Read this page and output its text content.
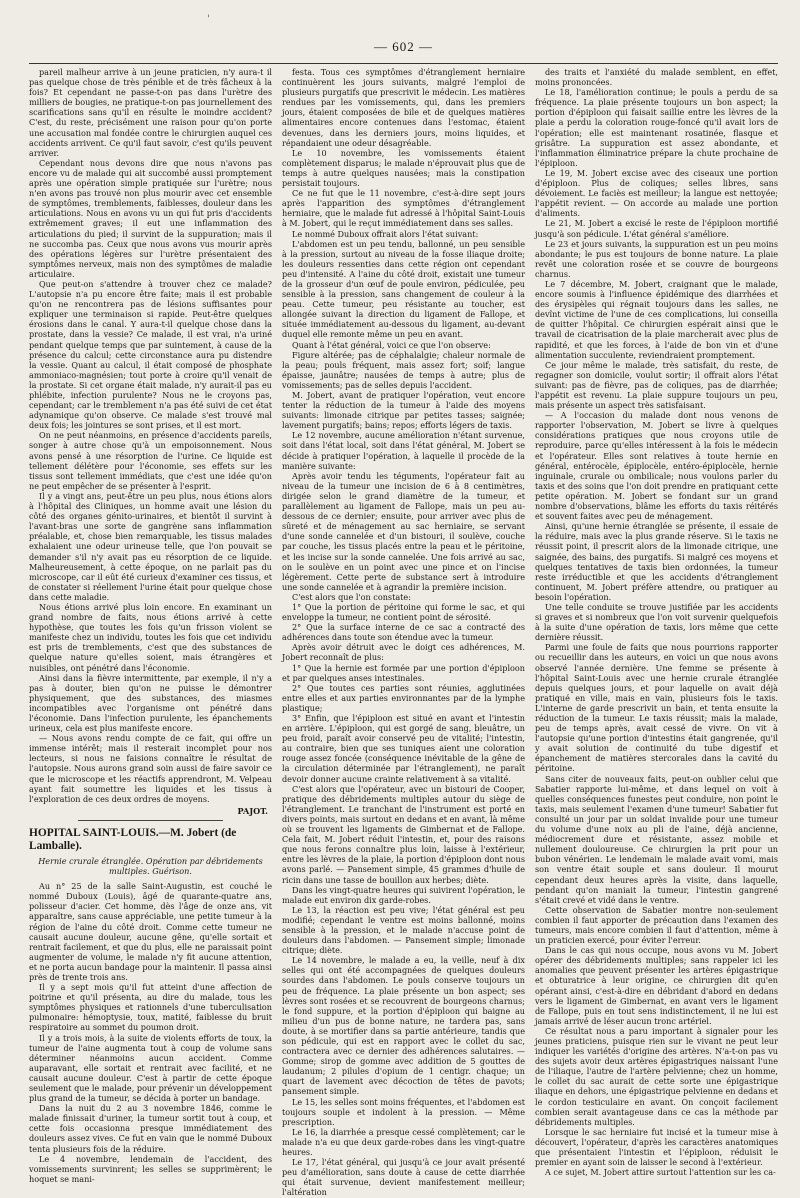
'
— 602 —

pareil malheur arrive à un jeune praticien, n'y aura-t il pas quelque chose de très pénible et de très fâcheux à la fois? Et cependant ne passe-t-on pas dans l'urètre des milliers de bougies, ne pratique-t-on pas journellement des scarifications sans qu'il en résulte le moindre accident? C'est, du reste, précisément une raison pour qu'on porte une accusation mal fondée contre le chirurgien auquel ces accidents arrivent. Ce qu'il faut savoir, c'est qu'ils peuvent arriver.

Cependant nous devons dire que nous n'avons pas encore vu de malade qui ait succombé aussi promptement après une opération simple pratiquée sur l'urètre; nous n'en avons pas trouvé non plus mourir avec cet ensemble de symptômes, tremblements, faiblesses, douleur dans les articulations. Nous en avons vu un qui fut pris d'accidents extrêmement graves; il eut une inflammation des articulations du pied; il survint de la suppuration; mais il ne succomba pas. Ceux que nous avons vus mourir après des opérations légères sur l'urètre présentaient des symptômes nerveux, mais non des symptômes de maladie articulaire.

Que peut-on s'attendre à trouver chez ce malade? L'autopsie n'a pu encore être faite; mais il est probable qu'on ne rencontrera pas de lésions suffisantes pour expliquer une terminaison si rapide. Peut-être quelques érosions dans le canal. Y aura-t-il quelque chose dans la prostate, dans la vessie? Ce malade, il est vrai, n'a uriné pendant quelque temps que par suintement, à cause de la présence du calcul; cette circonstance aura pu distendre la vessie. Quant au calcul, il était composé de phosphate ammoniaco-magnésien; tout porte à croire qu'il venait de la prostate. Si cet organe était malade, n'y aurait-il pas eu phlébite, infection purulente? Nous ne le croyons pas, cependant; car le tremblement n'a pas été suivi de cet état adynamique qu'on observe. Ce malade s'est trouvé mal deux fois; les jointures se sont prises, et il est mort.

On ne peut néanmoins, en présence d'accidents pareils, songer à autre chose qu'à un empoisonnement. Nous avons pensé à une résorption de l'urine. Ce liquide est tellement délétère pour l'économie, ses effets sur les tissus sont tellement immédiats, que c'est une idée qu'on ne peut empêcher de se présenter à l'esprit.

Il y a vingt ans, peut-être un peu plus, nous étions alors à l'hôpital des Cliniques, un homme avait une lésion du côté des organes génito-urinaires, et bientôt il survint à l'avant-bras une sorte de gangrène sans inflammation préalable, et, chose bien remarquable, les tissus malades exhalaient une odeur urineuse telle, que l'on pouvait se demander s'il n'y avait pas eu résorption de ce liquide. Malheureusement, à cette époque, on ne parlait pas du microscope, car il eût été curieux d'examiner ces tissus, et de constater si réellement l'urine était pour quelque chose dans cette maladie.

Nous étions arrivé plus loin encore. En examinant un grand nombre de faits, nous étions arrivé à cette hypothèse, que toutes les fois qu'un frisson violent se manifeste chez un individu, toutes les fois que cet individu est pris de tremblements, c'est que des substances de quelque nature qu'elles soient, mais étrangères et nuisibles, ont pénétré dans l'économie.

Ainsi dans la fièvre intermittente, par exemple, il n'y a pas à douter, bien qu'on ne puisse le démontrer physiquement, que des substances, des miasmes incompatibles avec l'organisme ont pénétré dans l'économie. Dans l'infection purulente, les épanchements urineux, cela est plus manifeste encore.

— Nous avons rendu compte de ce fait, qui offre un immense intérêt; mais il resterait incomplet pour nos lecteurs, si nous ne faisions connaître le résultat de l'autopsie. Nous aurons grand soin aussi de faire savoir ce que le microscope et les réactifs apprendront, M. Velpeau ayant fait soumettre les liquides et les tissus à l'exploration de ces deux ordres de moyens.

PAJOT.

HOPITAL SAINT-LOUIS.—M. Jobert (de Lamballe).

Hernie crurale étranglée. Opération par débridements multiples. Guérison.

Au n° 25 de la salle Saint-Augustin, est couché le nommé Duboux (Louis), âgé de quarante-quatre ans, polisseur d'acier. Cet homme, dès l'âge de onze ans, vit apparaître, sans cause appréciable, une petite tumeur à la région de l'aine du côté droit. Comme cette tumeur ne causait aucune douleur, aucune gêne, qu'elle sortait et rentrait facilement, et que du plus, elle ne paraissait point augmenter de volume, le malade n'y fit aucune attention, et ne porta aucun bandage pour la maintenir. Il passa ainsi près de trente trois ans.

Il y a sept mois qu'il fut atteint d'une affection de poitrine et qu'il présenta, au dire du malade, tous les symptômes physiques et rationnels d'une tuberculisation pulmonaire: hémoptysie, toux, matité, faiblesse du bruit respiratoire au sommet du poumon droit.

Il y a trois mois, à la suite de violents efforts de toux, la tumeur de l'aine augmenta tout à coup de volume sans déterminer néanmoins aucun accident. Comme auparavant, elle sortait et rentrait avec facilité, et ne causait aucune douleur. C'est à partir de cette époque seulement que le malade, pour prévenir un développement plus grand de la tumeur, se décida à porter un bandage.

Dans la nuit du 2 au 3 novembre 1846, comme le malade finissait d'uriner, la tumeur sortit tout à coup, et cette fois occasionna presque immédiatement des douleurs assez vives. Ce fut en vain que le nommé Duboux tenta plusieurs fois de la réduire.

Le 4 novembre, lendemain de l'accident, des vomissements survinrent; les selles se supprimèrent; le hoquet se mani-

festa. Tous ces symptômes d'étranglement herniaire continuèrent les jours suivants, malgré l'emploi de plusieurs purgatifs que prescrivit le médecin. Les matières rendues par les vomissements, qui, dans les premiers jours, étaient composées de bile et de quelques matières alimentaires encore contenues dans l'estomac, étaient devenues, dans les derniers jours, moins liquides, et répandaient une odeur désagréable.

Le 10 novembre, les vomissements étaient complètement disparus; le malade n'éprouvait plus que de temps à autre quelques nausées; mais la constipation persistait toujours.

Ce ne fut que le 11 novembre, c'est-à-dire sept jours après l'apparition des symptômes d'étranglement herniaire, que le malade fut adressé à l'hôpital Saint-Louis à M. Jobert, qui le reçut immédiatement dans ses salles.

Le nommé Duboux offrait alors l'état suivant:

L'abdomen est un peu tendu, ballonné, un peu sensible à la pression, surtout au niveau de la fosse iliaque droite; les douleurs ressenties dans cette région ont cependant peu d'intensité. A l'aine du côté droit, existait une tumeur de la grosseur d'un œuf de poule environ, pédiculée, peu sensible à la pression, sans changement de couleur à la peau. Cette tumeur, peu résistante au toucher, est allongée suivant la direction du ligament de Fallope, et située immédiatement au-dessous du ligament, au-devant duquel elle remonte même un peu en avant.

Quant à l'état général, voici ce que l'on observe:

Figure altérée; pas de céphalalgie; chaleur normale de la peau; pouls fréquent, mais assez fort; soif; langue épaisse, jaunâtre; nausées de temps à autre; plus de vomissements; pas de selles depuis l'accident.

M. Jobert, avant de pratiquer l'opération, veut encore tenter la réduction de la tumeur à l'aide des moyens suivants: limonade citrique par petites tasses; saignée; lavement purgatifs; bains; repos; efforts légers de taxis.

Le 12 novembre, aucune amélioration n'étant survenue, soit dans l'état local, soit dans l'état général, M. Jobert se décide à pratiquer l'opération, à laquelle il procède de la manière suivante:

Après avoir tendu les téguments, l'opérateur fait au niveau de la tumeur une incision de 6 à 8 centimètres, dirigée selon le grand diamètre de la tumeur, et parallèlement au ligament de Fallope, mais un peu au-dessous de ce dernier; ensuite, pour arriver avec plus de sûreté et de ménagement au sac herniaire, se servant d'une sonde cannelée et d'un bistouri, il soulève, couche par couche, les tissus placés entre la peau et le péritoine, et les incise sur la sonde cannelée. Une fois arrivé au sac, on le soulève en un point avec une pince et on l'incise légèrement. Cette perte de substance sert à introduire une sonde cannelée et à agrandir la première incision.

C'est alors que l'on constate:

1° Que la portion de péritoine qui forme le sac, et qui enveloppe la tumeur, ne contient point de sérosité.

2° Que la surface interne de ce sac a contracté des adhérences dans toute son étendue avec la tumeur.

Après avoir détruit avec le doigt ces adhérences, M. Jobert reconnaît de plus:

1° Que la hernie est formée par une portion d'épiploon et par quelques anses intestinales.

2° Que toutes ces parties sont réunies, agglutinées entre elles et aux parties environnantes par de la lymphe plastique;

3° Enfin, que l'épiploon est situé en avant et l'intestin en arrière. L'épiploon, qui est gorgé de sang, bleuâtre, un peu froid, paraît avoir conservé peu de vitalité; l'intestin, au contraire, bien que ses tuniques aient une coloration rouge assez foncée (conséquence inévitable de la gêne de la circulation déterminée par l'étranglement), ne paraît devoir donner aucune crainte relativement à sa vitalité.

C'est alors que l'opérateur, avec un bistouri de Cooper, pratique des débridements multiples autour du siège de l'étranglement. Le tranchant de l'instrument est porté en divers points, mais surtout en dedans et en avant, là même où se trouvent les ligaments de Gimbernat et de Fallope. Cela fait, M. Jobert réduit l'intestin, et, pour des raisons que nous ferons connaître plus loin, laisse à l'extérieur, entre les lèvres de la plaie, la portion d'épiploon dont nous avons parlé. — Pansement simple, 45 grammes d'huile de ricin dans une tasse de bouillon aux herbes; diète.

Dans les vingt-quatre heures qui suivirent l'opération, le malade eut environ dix garde-robes.

Le 13, la réaction est peu vive; l'état général est peu modifié; cependant le ventre est moins ballonné, moins sensible à la pression, et le malade n'accuse point de douleurs dans l'abdomen. — Pansement simple; limonade citrique; diète.

Le 14 novembre, le malade a eu, la veille, neuf à dix selles qui ont été accompagnées de quelques douleurs sourdes dans l'abdomen. Le pouls conserve toujours un peu de fréquence. La plaie présente un bon aspect; ses lèvres sont rosées et se recouvrent de bourgeons charnus; le fond suppure, et la portion d'épiploon qui baigne au milieu d'un pus de bonne nature, ne tardera pas, sans doute, à se mortifier dans sa partie antérieure, tandis que son pédicule, qui est en rapport avec le collet du sac, contractera avec ce dernier des adhérences salutaires. — Gomme; sirop de gomme avec addition de 5 gouttes de laudanum; 2 pilules d'opium de 1 centigr. chaque; un quart de lavement avec décoction de têtes de pavots; pansement simple.

Le 15, les selles sont moins fréquentes, et l'abdomen est toujours souple et indolent à la pression. — Même prescription.

Le 16, la diarrhée a presque cessé complètement; car le malade n'a eu que deux garde-robes dans les vingt-quatre heures.

Le 17, l'état général, qui jusqu'à ce jour avait présenté peu d'amélioration, sans doute à cause de cette diarrhée qui était survenue, devient manifestement meilleur; l'altération

des traits et l'anxiété du malade semblent, en effet, moins prononcées.

Le 18, l'amélioration continue; le pouls a perdu de sa fréquence. La plaie présente toujours un bon aspect; la portion d'épiploon qui faisait saillie entre les lèvres de la plaie a perdu la coloration rouge-foncé qu'il avait lors de l'opération; elle est maintenant rosatinée, flasque et grisâtre. La suppuration est assez abondante, et l'inflammation éliminatrice prépare la chute prochaine de l'épiploon.

Le 19, M. Jobert excise avec des ciseaux une portion d'épiploon. Plus de coliques; selles libres, sans dévoiement. Le faciès est meilleur; la langue est nettoyée; l'appétit revient. — On accorde au malade une portion d'aliments.

Le 21, M. Jobert a excisé le reste de l'épiploon mortifié jusqu'à son pédicule. L'état général s'améliore.

Le 23 et jours suivants, la suppuration est un peu moins abondante; le pus est toujours de bonne nature. La plaie revêt une coloration rosée et se couvre de bourgeons charnus.

Le 7 décembre, M. Jobert, craignant que le malade, encore soumis à l'influence épidémique des diarrhées et des érysipèles qui régnait toujours dans les salles, ne devînt victime de l'une de ces complications, lui conseilla de quitter l'hôpital. Ce chirurgien espérait ainsi que le travail de cicatrisation de la plaie marcherait avec plus de rapidité, et que les forces, à l'aide de bon vin et d'une alimentation succulente, reviendraient promptement.

Ce jour même le malade, très satisfait, du reste, de regagner son domicile, voulut sortir; il offrait alors l'état suivant: pas de fièvre, pas de coliques, pas de diarrhée; l'appétit est revenu. La plaie suppure toujours un peu, mais présente un aspect très satisfaisant.

— A l'occasion du malade dont nous venons de rapporter l'observation, M. Jobert se livre à quelques considérations pratiques que nous croyons utile de reproduire, parce qu'elles intéressent à la fois le médecin et l'opérateur. Elles sont relatives à toute hernie en général, entérocèle, épiplocèle, entéro-épiplocèle, hernie inguinale, crurale ou ombilicale; nous voulons parler du taxis et des soins que l'on doit prendre en pratiquant cette petite opération. M. Jobert se fondant sur un grand nombre d'observations, blâme les efforts du taxis réitérés et souvent faites avec peu de ménagement.

Ainsi, qu'une hernie étranglée se présente, il essaie de la réduire, mais avec la plus grande réserve. Si le taxis ne réussit point, il prescrit alors de la limonade citrique, une saignée, des bains, des purgatifs. Si malgré ces moyens et quelques tentatives de taxis bien ordonnées, la tumeur reste irréductible et que les accidents d'étranglement continuent, M. Jobert préfère attendre, ou pratiquer au besoin l'opération.

Une telle conduite se trouve justifiée par les accidents si graves et si nombreux que l'on voit survenir quelquefois à la suite d'une opération de taxis, lors même que cette dernière réussit.

Parmi une foule de faits que nous pourrions rapporter ou recueillir dans les auteurs, en voici un que nous avons observé l'année dernière. Une femme se présente à l'hôpital Saint-Louis avec une hernie crurale étranglée depuis quelques jours, et pour laquelle on avait déjà pratiqué en ville, mais en vain, plusieurs fois le taxis. L'interne de garde prescrivit un bain, et tenta ensuite la réduction de la tumeur. Le taxis réussit; mais la malade, peu de temps après, avait cessé de vivre. On vit à l'autopsie qu'une portion d'intestins était gangrenée, qu'il y avait solution de continuité du tube digestif et épanchement de matières stercorales dans la cavité du péritoine.

Sans citer de nouveaux faits, peut-on oublier celui que Sabatier rapporte lui-même, et dans lequel on voit à quelles conséquences funestes peut conduire, non point le taxis, mais seulement l'examen d'une tumeur! Sabatier fut consulté un jour par un soldat invalide pour une tumeur du volume d'une noix au pli de l'aine, déjà ancienne, médiocrement dure et résistante, assez mobile et nullement douloureuse. Ce chirurgien la prit pour un bubon vénérien. Le lendemain le malade avait vomi, mais son ventre était souple et sans douleur. Il mourut cependant deux heures après la visite, dans laquelle, pendant qu'on maniait la tumeur, l'intestin gangrené s'était crevé et vidé dans le ventre.

Cette observation de Sabatier montre non-seulement combien il faut apporter de précaution dans l'examen des tumeurs, mais encore combien il faut d'attention, même à un praticien exercé, pour éviter l'erreur.

Dans le cas qui nous occupe, nous avons vu M. Jobert opérer des débridements multiples; sans rappeler ici les anomalies que peuvent présenter les artères épigastrique et obturatrice à leur origine, ce chirurgien dit qu'en opérant ainsi, c'est-à-dire en débridant d'abord en dedans vers le ligament de Gimbernat, en avant vers le ligament de Fallope, puis en tout sens indistinctement, il ne lui est jamais arrivé de léser aucun tronc artériel.

Ce résultat nous a paru important à signaler pour les jeunes praticiens, puisque rien sur le vivant ne peut leur indiquer les variétés d'origine des artères. N'a-t-on pas vu des sujets avoir deux artères épigastriques naissant l'une de l'iliaque, l'autre de l'artère pelvienne; chez un homme, le collet du sac aurait de cette sorte une épigastrique iliaque en dehors, une épigastrique pelvienne en dedans et le cordon testiculaire en avant. On conçoit facilement combien serait avantageuse dans ce cas la méthode par débridements multiples.

Lorsque le sac herniaire fut incisé et la tumeur mise à découvert, l'opérateur, d'après les caractères anatomiques que présentaient l'intestin et l'épiploon, réduisit le premier en ayant soin de laisser le second à l'extérieur.

A ce sujet, M. Jobert attire surtout l'attention sur les ca-
